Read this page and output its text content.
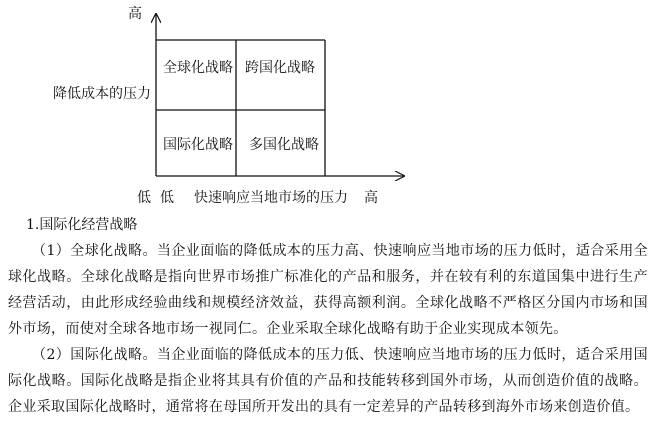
高
降低成本的压力
全球化战略 跨国化战略
国际化战略 多国化战略
低 低 快速响应当地市场的压力 高
1.国际化经营战略

（1）全球化战略。当企业面临的降低成本的压力高、快速响应当地市场的压力低时，适合采用全球化战略。全球化战略是指向世界市场推广标准化的产品和服务，并在较有利的东道国集中进行生产经营活动，由此形成经验曲线和规模经济效益，获得高额利润。全球化战略不严格区分国内市场和国外市场，而使对全球各地市场一视同仁。企业采取全球化战略有助于企业实现成本领先。

（2）国际化战略。当企业面临的降低成本的压力低、快速响应当地市场的压力低时，适合采用国际化战略。国际化战略是指企业将其具有价值的产品和技能转移到国外市场，从而创造价值的战略。企业采取国际化战略时，通常将在母国所开发出的具有一定差异的产品转移到海外市场来创造价值。
